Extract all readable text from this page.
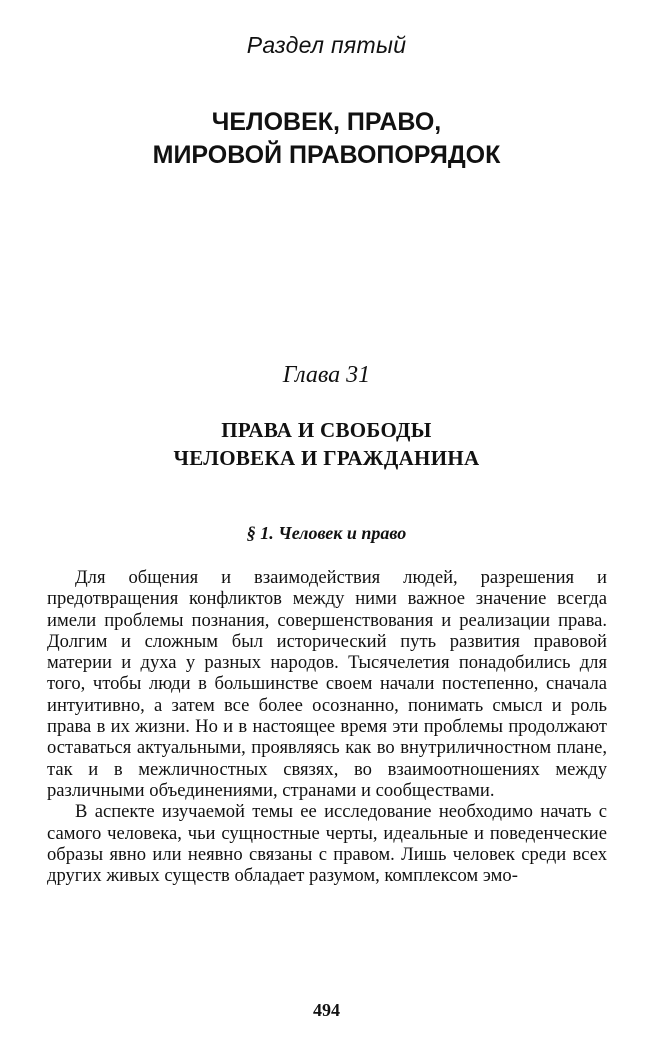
Раздел пятый
ЧЕЛОВЕК, ПРАВО,
МИРОВОЙ ПРАВОПОРЯДОК
Глава 31
ПРАВА И СВОБОДЫ
ЧЕЛОВЕКА И ГРАЖДАНИНА
§ 1. Человек и право

Для общения и взаимодействия людей, разрешения и предотвращения конфликтов между ними важное значение всегда имели проблемы познания, совершенствования и реализации права. Долгим и сложным был исторический путь развития правовой материи и духа у разных народов. Тысячелетия понадобились для того, чтобы люди в большинстве своем начали постепенно, сначала интуитивно, а затем все более осознанно, понимать смысл и роль права в их жизни. Но и в настоящее время эти проблемы продолжают оставаться актуальными, проявляясь как во внутриличностном плане, так и в межличностных связях, во взаимоотношениях между различными объединениями, странами и сообществами.

В аспекте изучаемой темы ее исследование необходимо начать с самого человека, чьи сущностные черты, идеальные и поведенческие образы явно или неявно связаны с правом. Лишь человек среди всех других живых существ обладает разумом, комплексом эмо-

494
